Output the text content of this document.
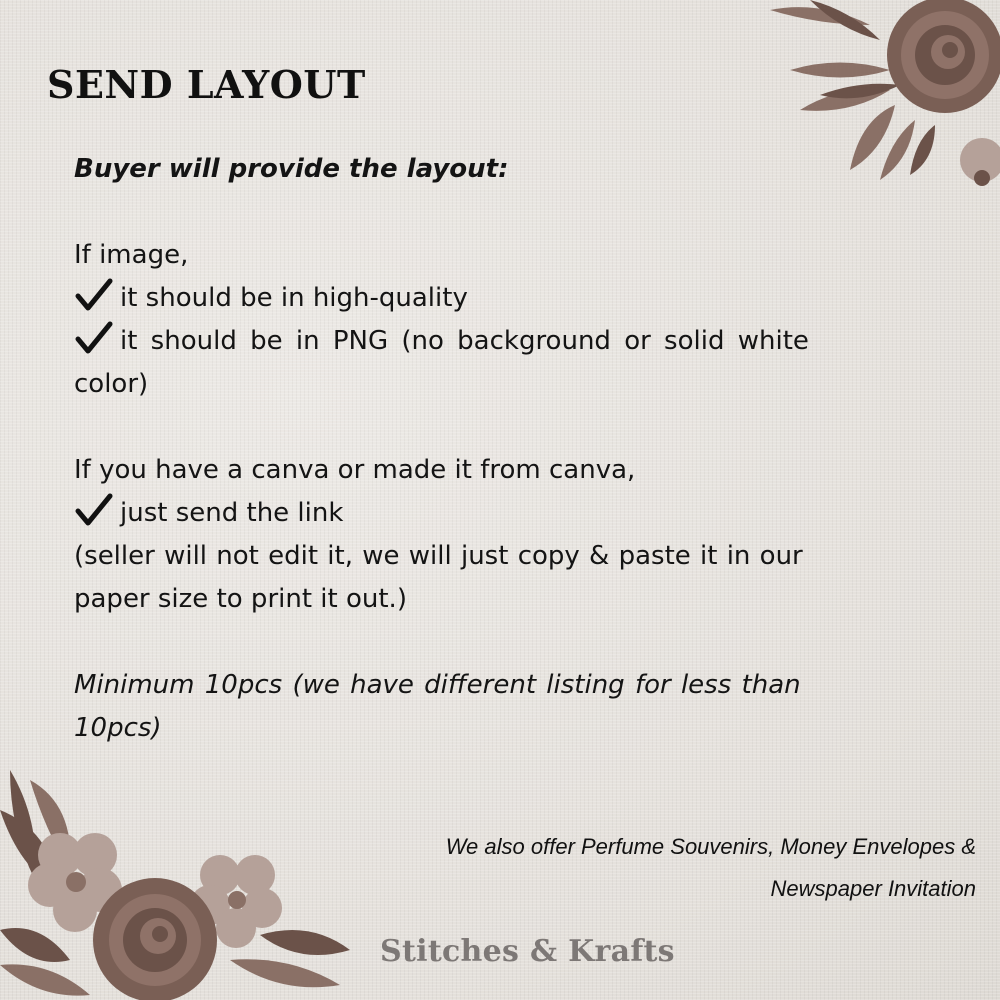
SEND LAYOUT
Buyer will provide the layout:
If image,
it should be in high-quality
it should be in PNG (no background or solid white
color)
If you have a canva or made it from canva,
just send the link
(seller will not edit it, we will just copy & paste it in our
paper size to print it out.)
Minimum 10pcs (we have different listing for less than
10pcs)
We also offer Perfume Souvenirs, Money Envelopes &
Newspaper Invitation
Stitches & Krafts
